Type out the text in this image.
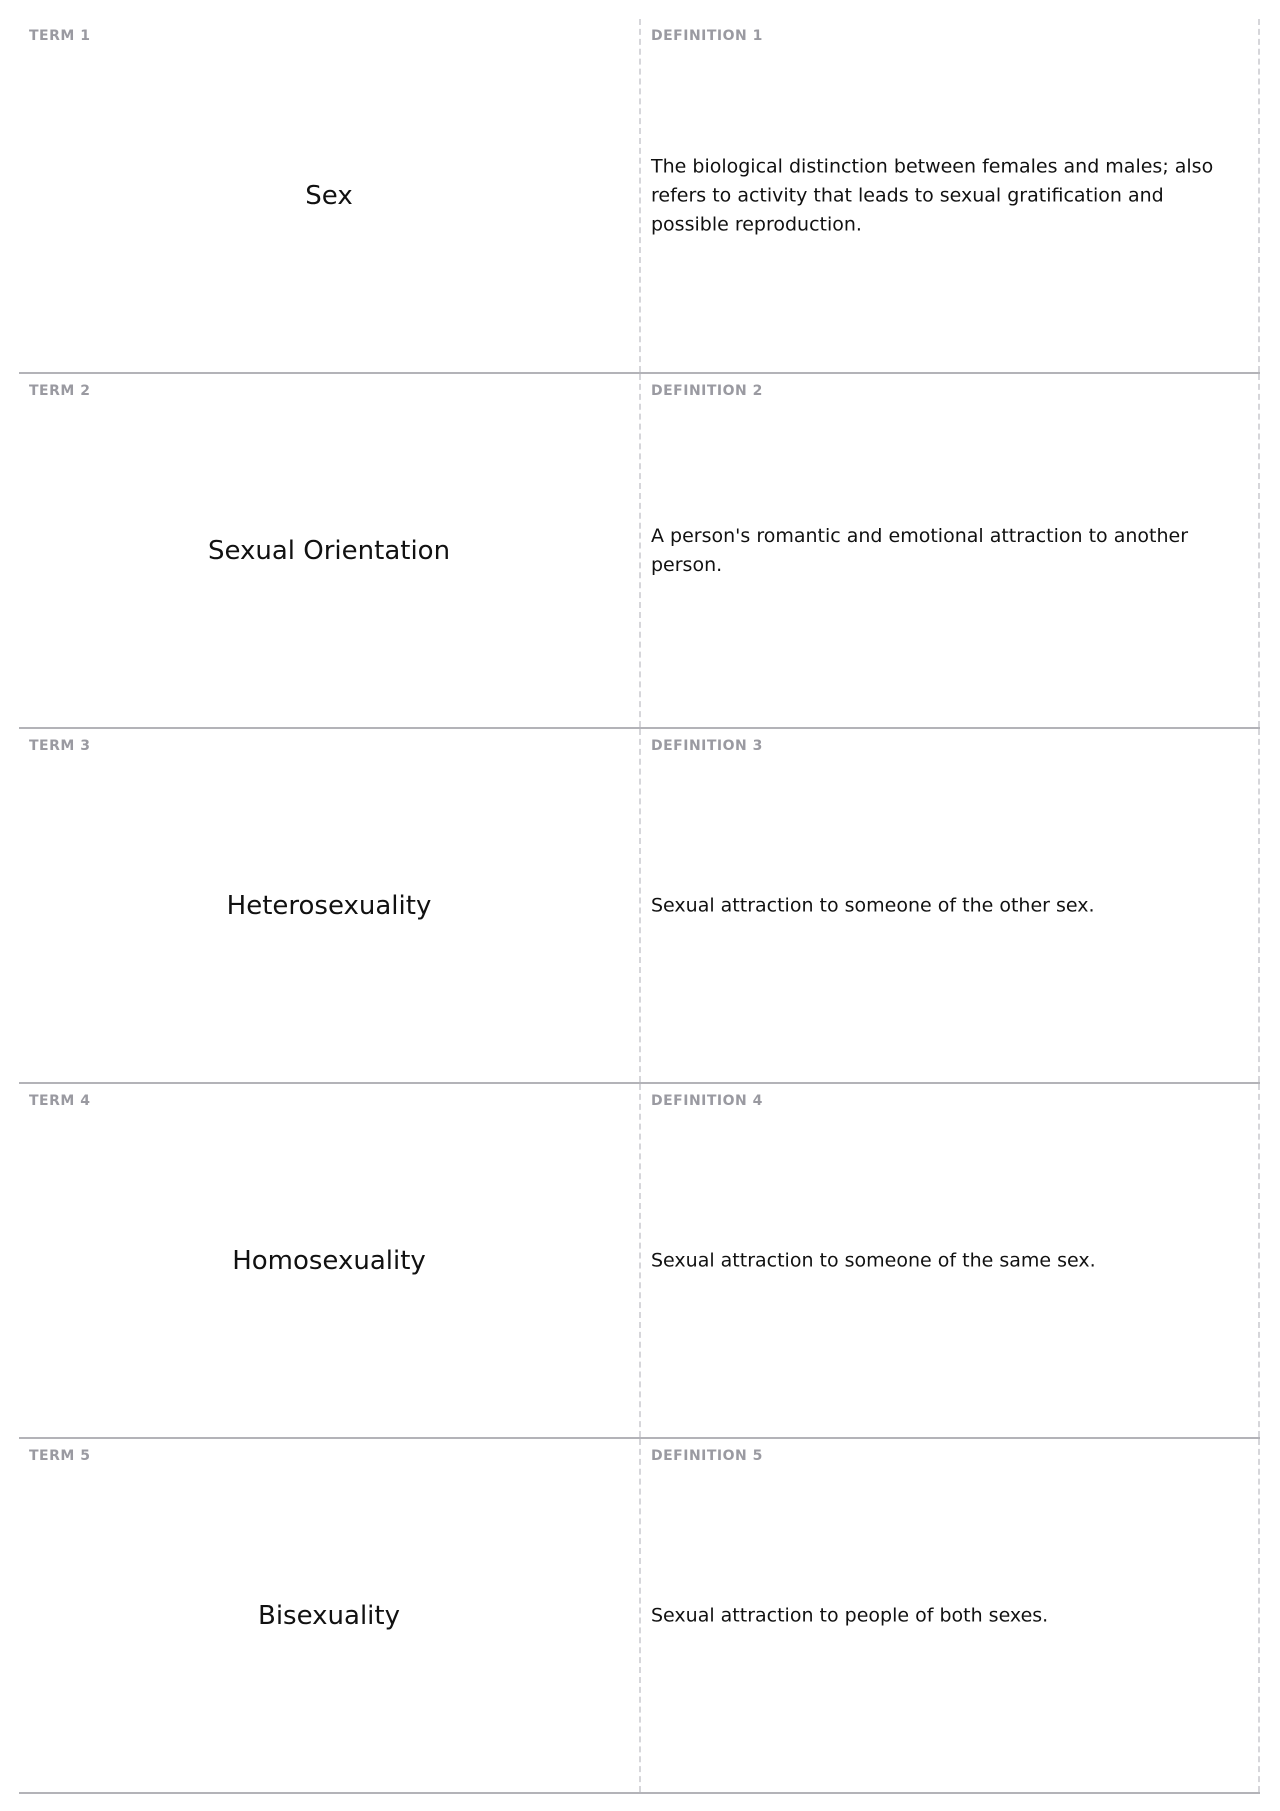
TERM 1
Sex
DEFINITION 1
The biological distinction between females and males; also refers to activity that leads to sexual gratification and possible reproduction.
TERM 2
Sexual Orientation
DEFINITION 2
A person's romantic and emotional attraction to another person.
TERM 3
Heterosexuality
DEFINITION 3
Sexual attraction to someone of the other sex.
TERM 4
Homosexuality
DEFINITION 4
Sexual attraction to someone of the same sex.
TERM 5
Bisexuality
DEFINITION 5
Sexual attraction to people of both sexes.
